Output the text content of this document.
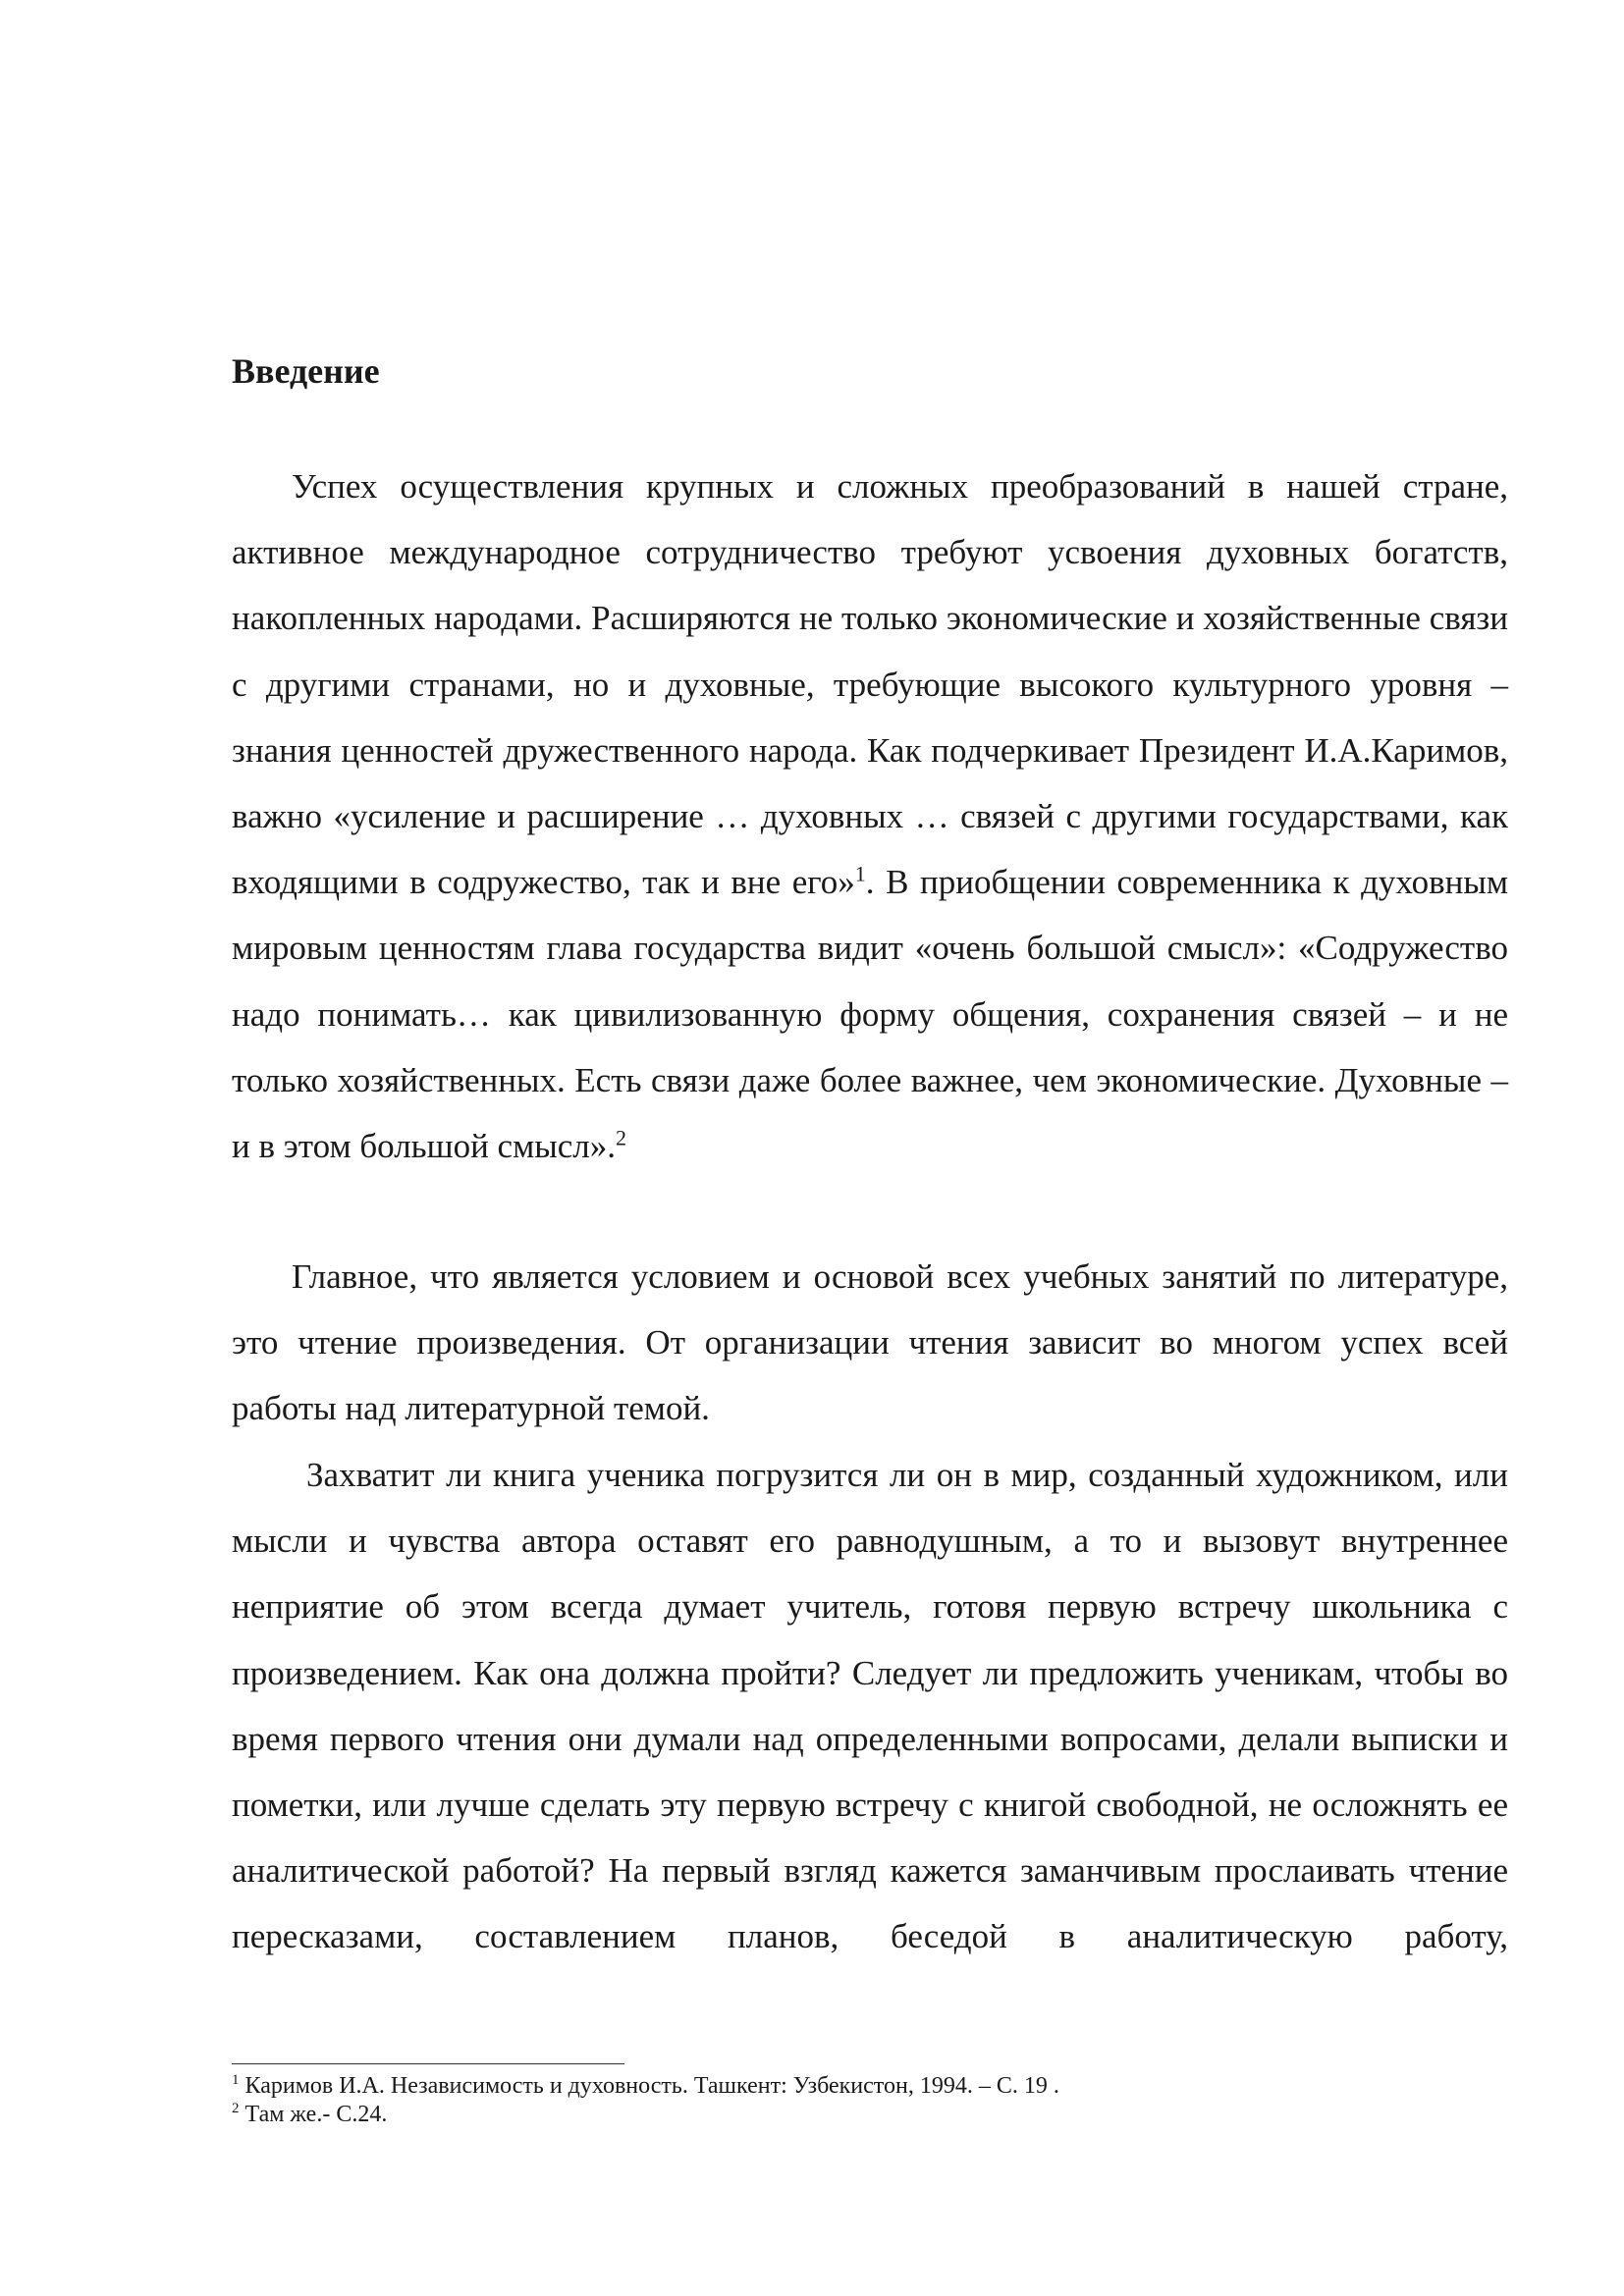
Введение

Успех осуществления крупных и сложных преобразований в нашей стране, активное международное сотрудничество требуют усвоения духовных богатств, накопленных народами. Расширяются не только экономические и хозяйственные связи с другими странами, но и духовные, требующие высокого культурного уровня – знания ценностей дружественного народа. Как подчеркивает Президент И.А.Каримов, важно «усиление и расширение … духовных … связей с другими государствами, как входящими в содружество, так и вне его»$^1$. В приобщении современника к духовным мировым ценностям глава государства видит «очень большой смысл»: «Содружество надо понимать… как цивилизованную форму общения, сохранения связей – и не только хозяйственных. Есть связи даже более важнее, чем экономические. Духовные – и в этом большой смысл».$^2$

Главное, что является условием и основой всех учебных занятий по литературе, это чтение произведения. От организации чтения зависит во многом успех всей работы над литературной темой.

Захватит ли книга ученика погрузится ли он в мир, созданный художником, или мысли и чувства автора оставят его равнодушным, а то и вызовут внутреннее неприятие об этом всегда думает учитель, готовя первую встречу школьника с произведением. Как она должна пройти? Следует ли предложить ученикам, чтобы во время первого чтения они думали над определенными вопросами, делали выписки и пометки, или лучше сделать эту первую встречу с книгой свободной, не осложнять ее аналитической работой? На первый взгляд кажется заманчивым прослаивать чтение пересказами, составлением планов, беседой в аналитическую работу,

$^1$ Каримов И.А. Независимость и духовность. Ташкент: Узбекистон, 1994. – С. 19 .

$^2$ Там же.- С.24.
